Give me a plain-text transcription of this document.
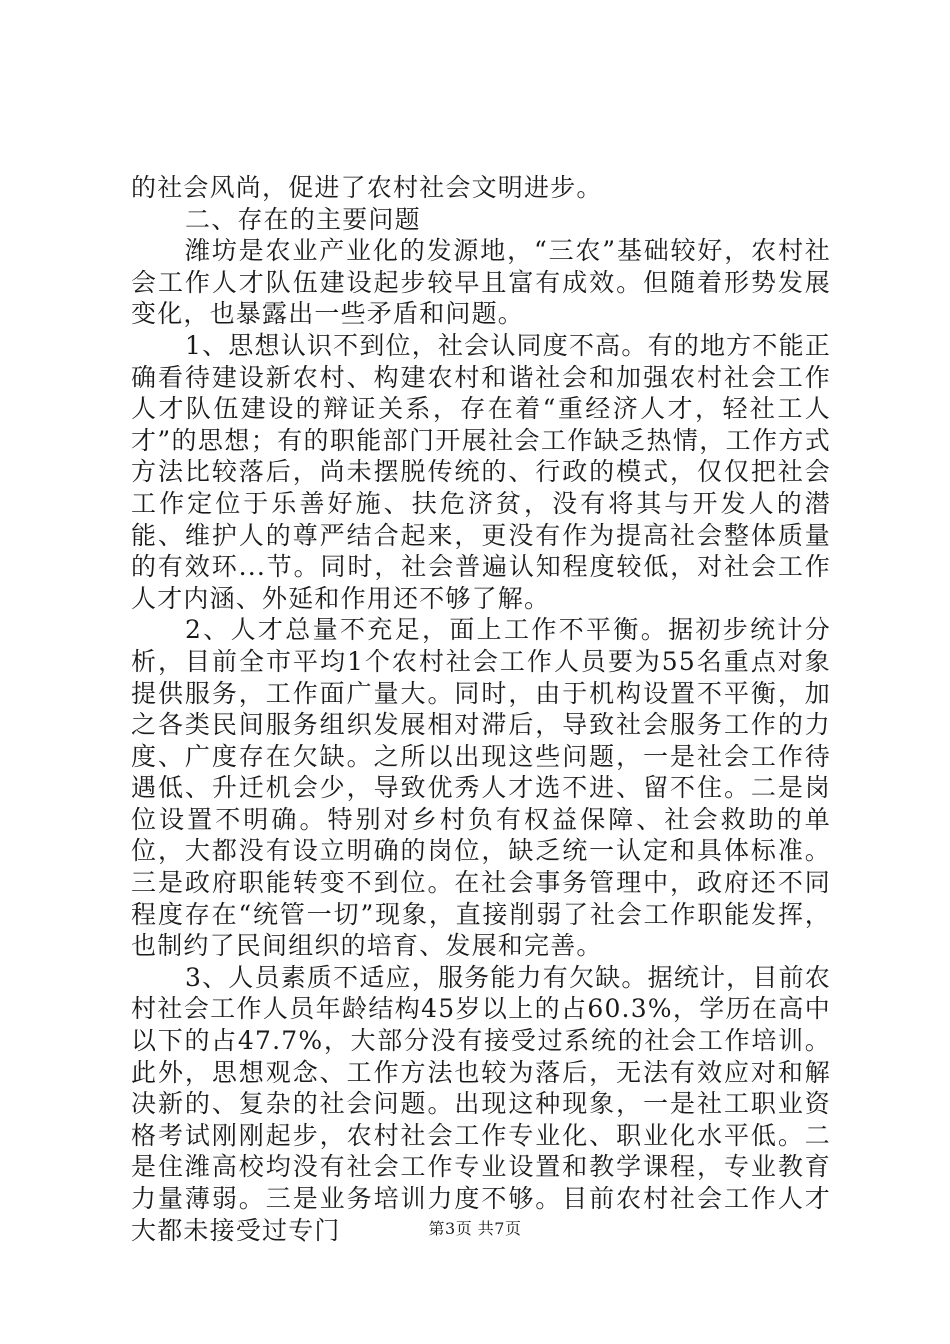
的社会风尚，促进了农村社会文明进步。

二、存在的主要问题

潍坊是农业产业化的发源地，“三农”基础较好，农村社会工作人才队伍建设起步较早且富有成效。但随着形势发展变化，也暴露出一些矛盾和问题。

1、思想认识不到位，社会认同度不高。有的地方不能正确看待建设新农村、构建农村和谐社会和加强农村社会工作人才队伍建设的辩证关系，存在着“重经济人才，轻社工人才”的思想；有的职能部门开展社会工作缺乏热情，工作方式方法比较落后，尚未摆脱传统的、行政的模式，仅仅把社会工作定位于乐善好施、扶危济贫，没有将其与开发人的潜能、维护人的尊严结合起来，更没有作为提高社会整体质量的有效环...节。同时，社会普遍认知程度较低，对社会工作人才内涵、外延和作用还不够了解。

2、人才总量不充足，面上工作不平衡。据初步统计分析，目前全市平均1个农村社会工作人员要为55名重点对象提供服务，工作面广量大。同时，由于机构设置不平衡，加之各类民间服务组织发展相对滞后，导致社会服务工作的力度、广度存在欠缺。之所以出现这些问题，一是社会工作待遇低、升迁机会少，导致优秀人才选不进、留不住。二是岗位设置不明确。特别对乡村负有权益保障、社会救助的单位，大都没有设立明确的岗位，缺乏统一认定和具体标准。三是政府职能转变不到位。在社会事务管理中，政府还不同程度存在“统管一切”现象，直接削弱了社会工作职能发挥，也制约了民间组织的培育、发展和完善。

3、人员素质不适应，服务能力有欠缺。据统计，目前农村社会工作人员年龄结构45岁以上的占60.3%，学历在高中以下的占47.7%，大部分没有接受过系统的社会工作培训。此外，思想观念、工作方法也较为落后，无法有效应对和解决新的、复杂的社会问题。出现这种现象，一是社工职业资格考试刚刚起步，农村社会工作专业化、职业化水平低。二是住潍高校均没有社会工作专业设置和教学课程，专业教育力量薄弱。三是业务培训力度不够。目前农村社会工作人才大都未接受过专门	第3页 共7页
